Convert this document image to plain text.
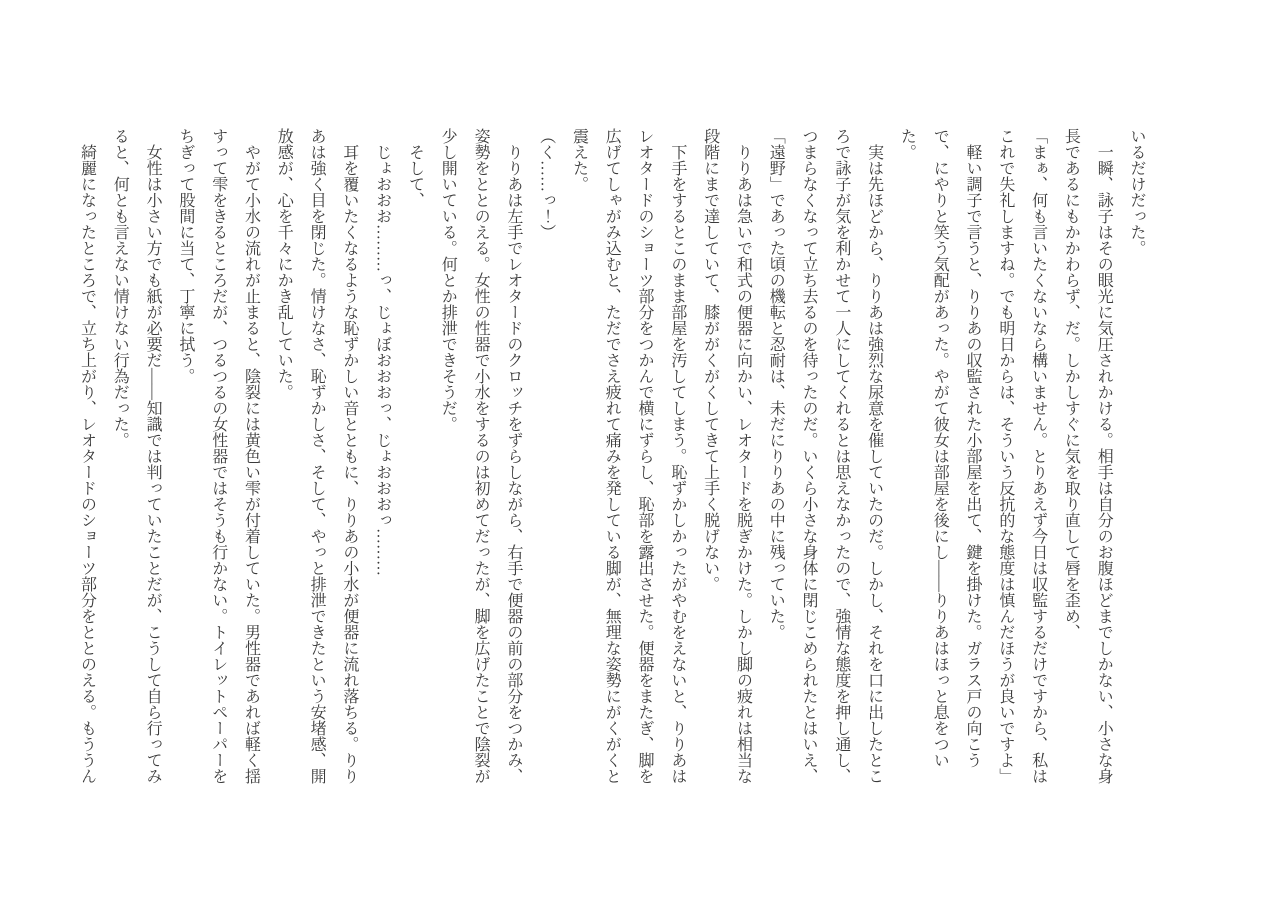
いるだけだった。

一瞬、詠子はその眼光に気圧されかける。相手は自分のお腹ほどまでしかない、小さな身長であるにもかかわらず、だ。しかしすぐに気を取り直して唇を歪め、

「まぁ、何も言いたくないなら構いません。とりあえず今日は収監するだけですから、私はこれで失礼しますね。でも明日からは、そういう反抗的な態度は慎んだほうが良いですよ」

軽い調子で言うと、りりあの収監された小部屋を出て、鍵を掛けた。ガラス戸の向こうで、にやりと笑う気配があった。やがて彼女は部屋を後にし——りりあはほっと息をついた。

実は先ほどから、りりあは強烈な尿意を催していたのだ。しかし、それを口に出したところで詠子が気を利かせて一人にしてくれるとは思えなかったので、強情な態度を押し通し、つまらなくなって立ち去るのを待ったのだ。いくら小さな身体に閉じこめられたとはいえ、「遠野」であった頃の機転と忍耐は、未だにりりあの中に残っていた。

りりあは急いで和式の便器に向かい、レオタードを脱ぎかけた。しかし脚の疲れは相当な段階にまで達していて、膝ががくがくしてきて上手く脱げない。

下手をするとこのまま部屋を汚してしまう。恥ずかしかったがやむをえないと、りりあはレオタードのショーツ部分をつかんで横にずらし、恥部を露出させた。便器をまたぎ、脚を広げてしゃがみ込むと、ただでさえ疲れて痛みを発している脚が、無理な姿勢にがくがくと震えた。

（く……っ！）

りりあは左手でレオタードのクロッチをずらしながら、右手で便器の前の部分をつかみ、姿勢をととのえる。女性の性器で小水をするのは初めてだったが、脚を広げたことで陰裂が少し開いている。何とか排泄できそうだ。

そして、

じょおおお………っ、じょぼおおおっ、じょおおおっ………

耳を覆いたくなるような恥ずかしい音とともに、りりあの小水が便器に流れ落ちる。りりあは強く目を閉じた。情けなさ、恥ずかしさ、そして、やっと排泄できたという安堵感、開放感が、心を千々にかき乱していた。

やがて小水の流れが止まると、陰裂には黄色い雫が付着していた。男性器であれば軽く揺すって雫をきるところだが、つるつるの女性器ではそうも行かない。トイレットペーパーをちぎって股間に当て、丁寧に拭う。

女性は小さい方でも紙が必要だ——知識では判っていたことだが、こうして自ら行ってみると、何とも言えない情けない行為だった。

綺麗になったところで、立ち上がり、レオタードのショーツ部分をととのえる。もううん
